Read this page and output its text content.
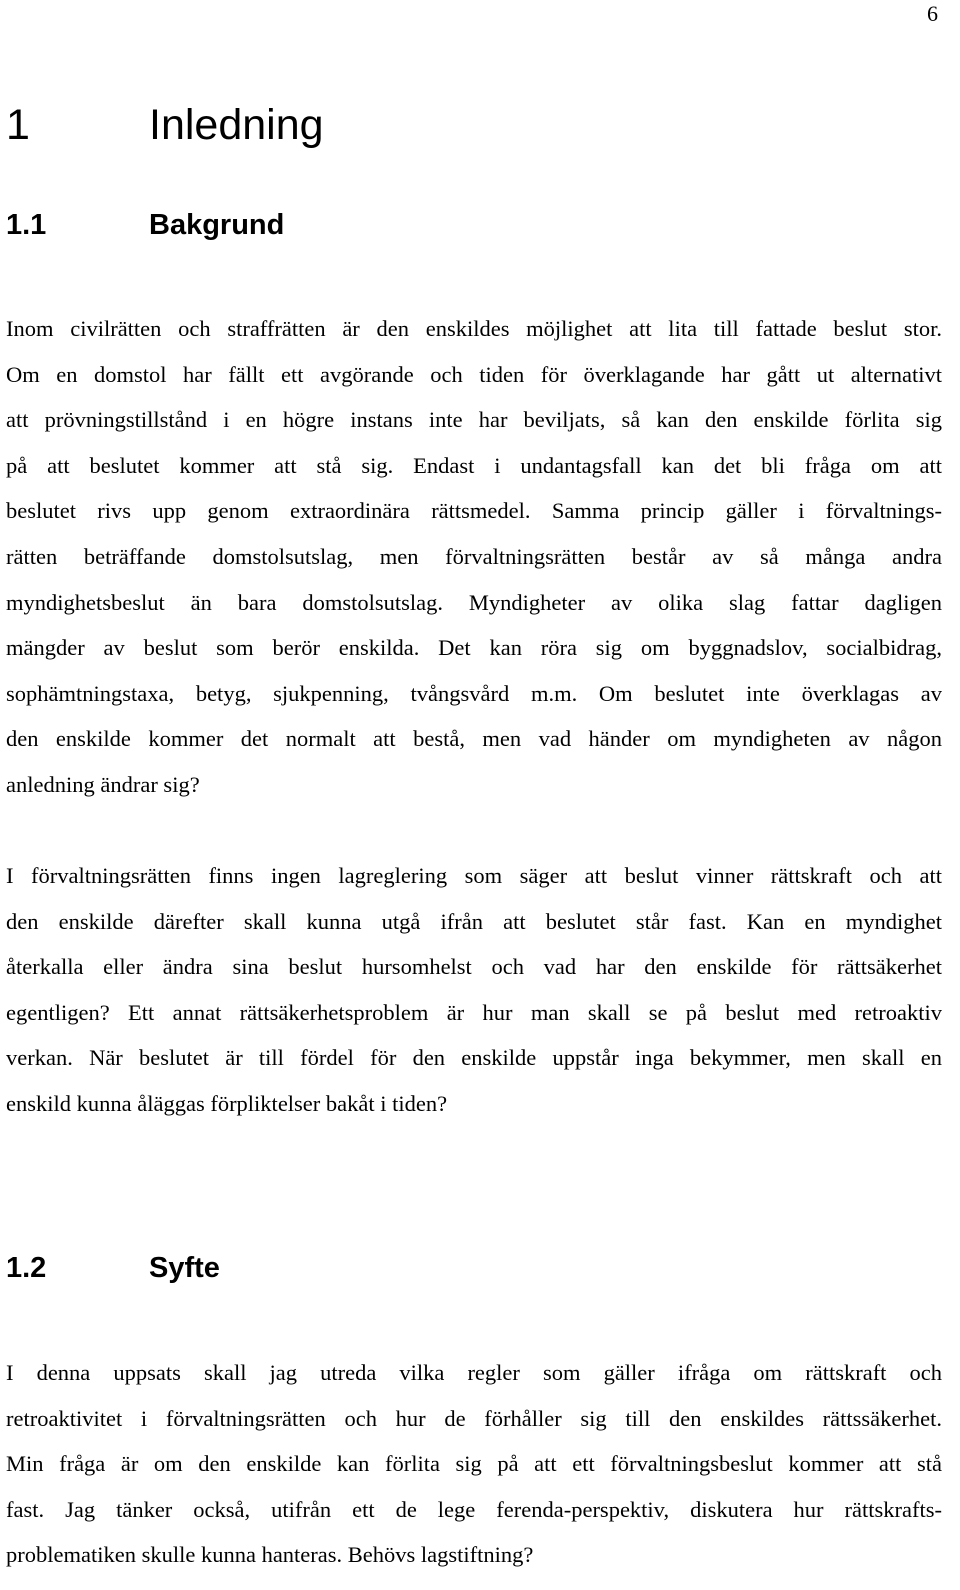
6
1	Inledning
1.1	Bakgrund
Inom civilrätten och straffrätten är den enskildes möjlighet att lita till fattade beslut stor.
Om en domstol har fällt ett avgörande och tiden för överklagande har gått ut alternativt
att prövningstillstånd i en högre instans inte har beviljats, så kan den enskilde förlita sig
på att beslutet kommer att stå sig. Endast i undantagsfall kan det bli fråga om att
beslutet rivs upp genom extraordinära rättsmedel. Samma princip gäller i förvaltnings-
rätten beträffande domstolsutslag, men förvaltningsrätten består av så många andra
myndighetsbeslut än bara domstolsutslag. Myndigheter av olika slag fattar dagligen
mängder av beslut som berör enskilda. Det kan röra sig om byggnadslov, socialbidrag,
sophämtningstaxa, betyg, sjukpenning, tvångsvård m.m. Om beslutet inte överklagas av
den enskilde kommer det normalt att bestå, men vad händer om myndigheten av någon
anledning ändrar sig?
I förvaltningsrätten finns ingen lagreglering som säger att beslut vinner rättskraft och att
den enskilde därefter skall kunna utgå ifrån att beslutet står fast. Kan en myndighet
återkalla eller ändra sina beslut hursomhelst och vad har den enskilde för rättsäkerhet
egentligen? Ett annat rättsäkerhetsproblem är hur man skall se på beslut med retroaktiv
verkan. När beslutet är till fördel för den enskilde uppstår inga bekymmer, men skall en
enskild kunna åläggas förpliktelser bakåt i tiden?
1.2	Syfte
I denna uppsats skall jag utreda vilka regler som gäller ifråga om rättskraft och
retroaktivitet i förvaltningsrätten och hur de förhåller sig till den enskildes rättssäkerhet.
Min fråga är om den enskilde kan förlita sig på att ett förvaltningsbeslut kommer att stå
fast. Jag tänker också, utifrån ett de lege ferenda-perspektiv, diskutera hur rättskrafts-
problematiken skulle kunna hanteras. Behövs lagstiftning?
